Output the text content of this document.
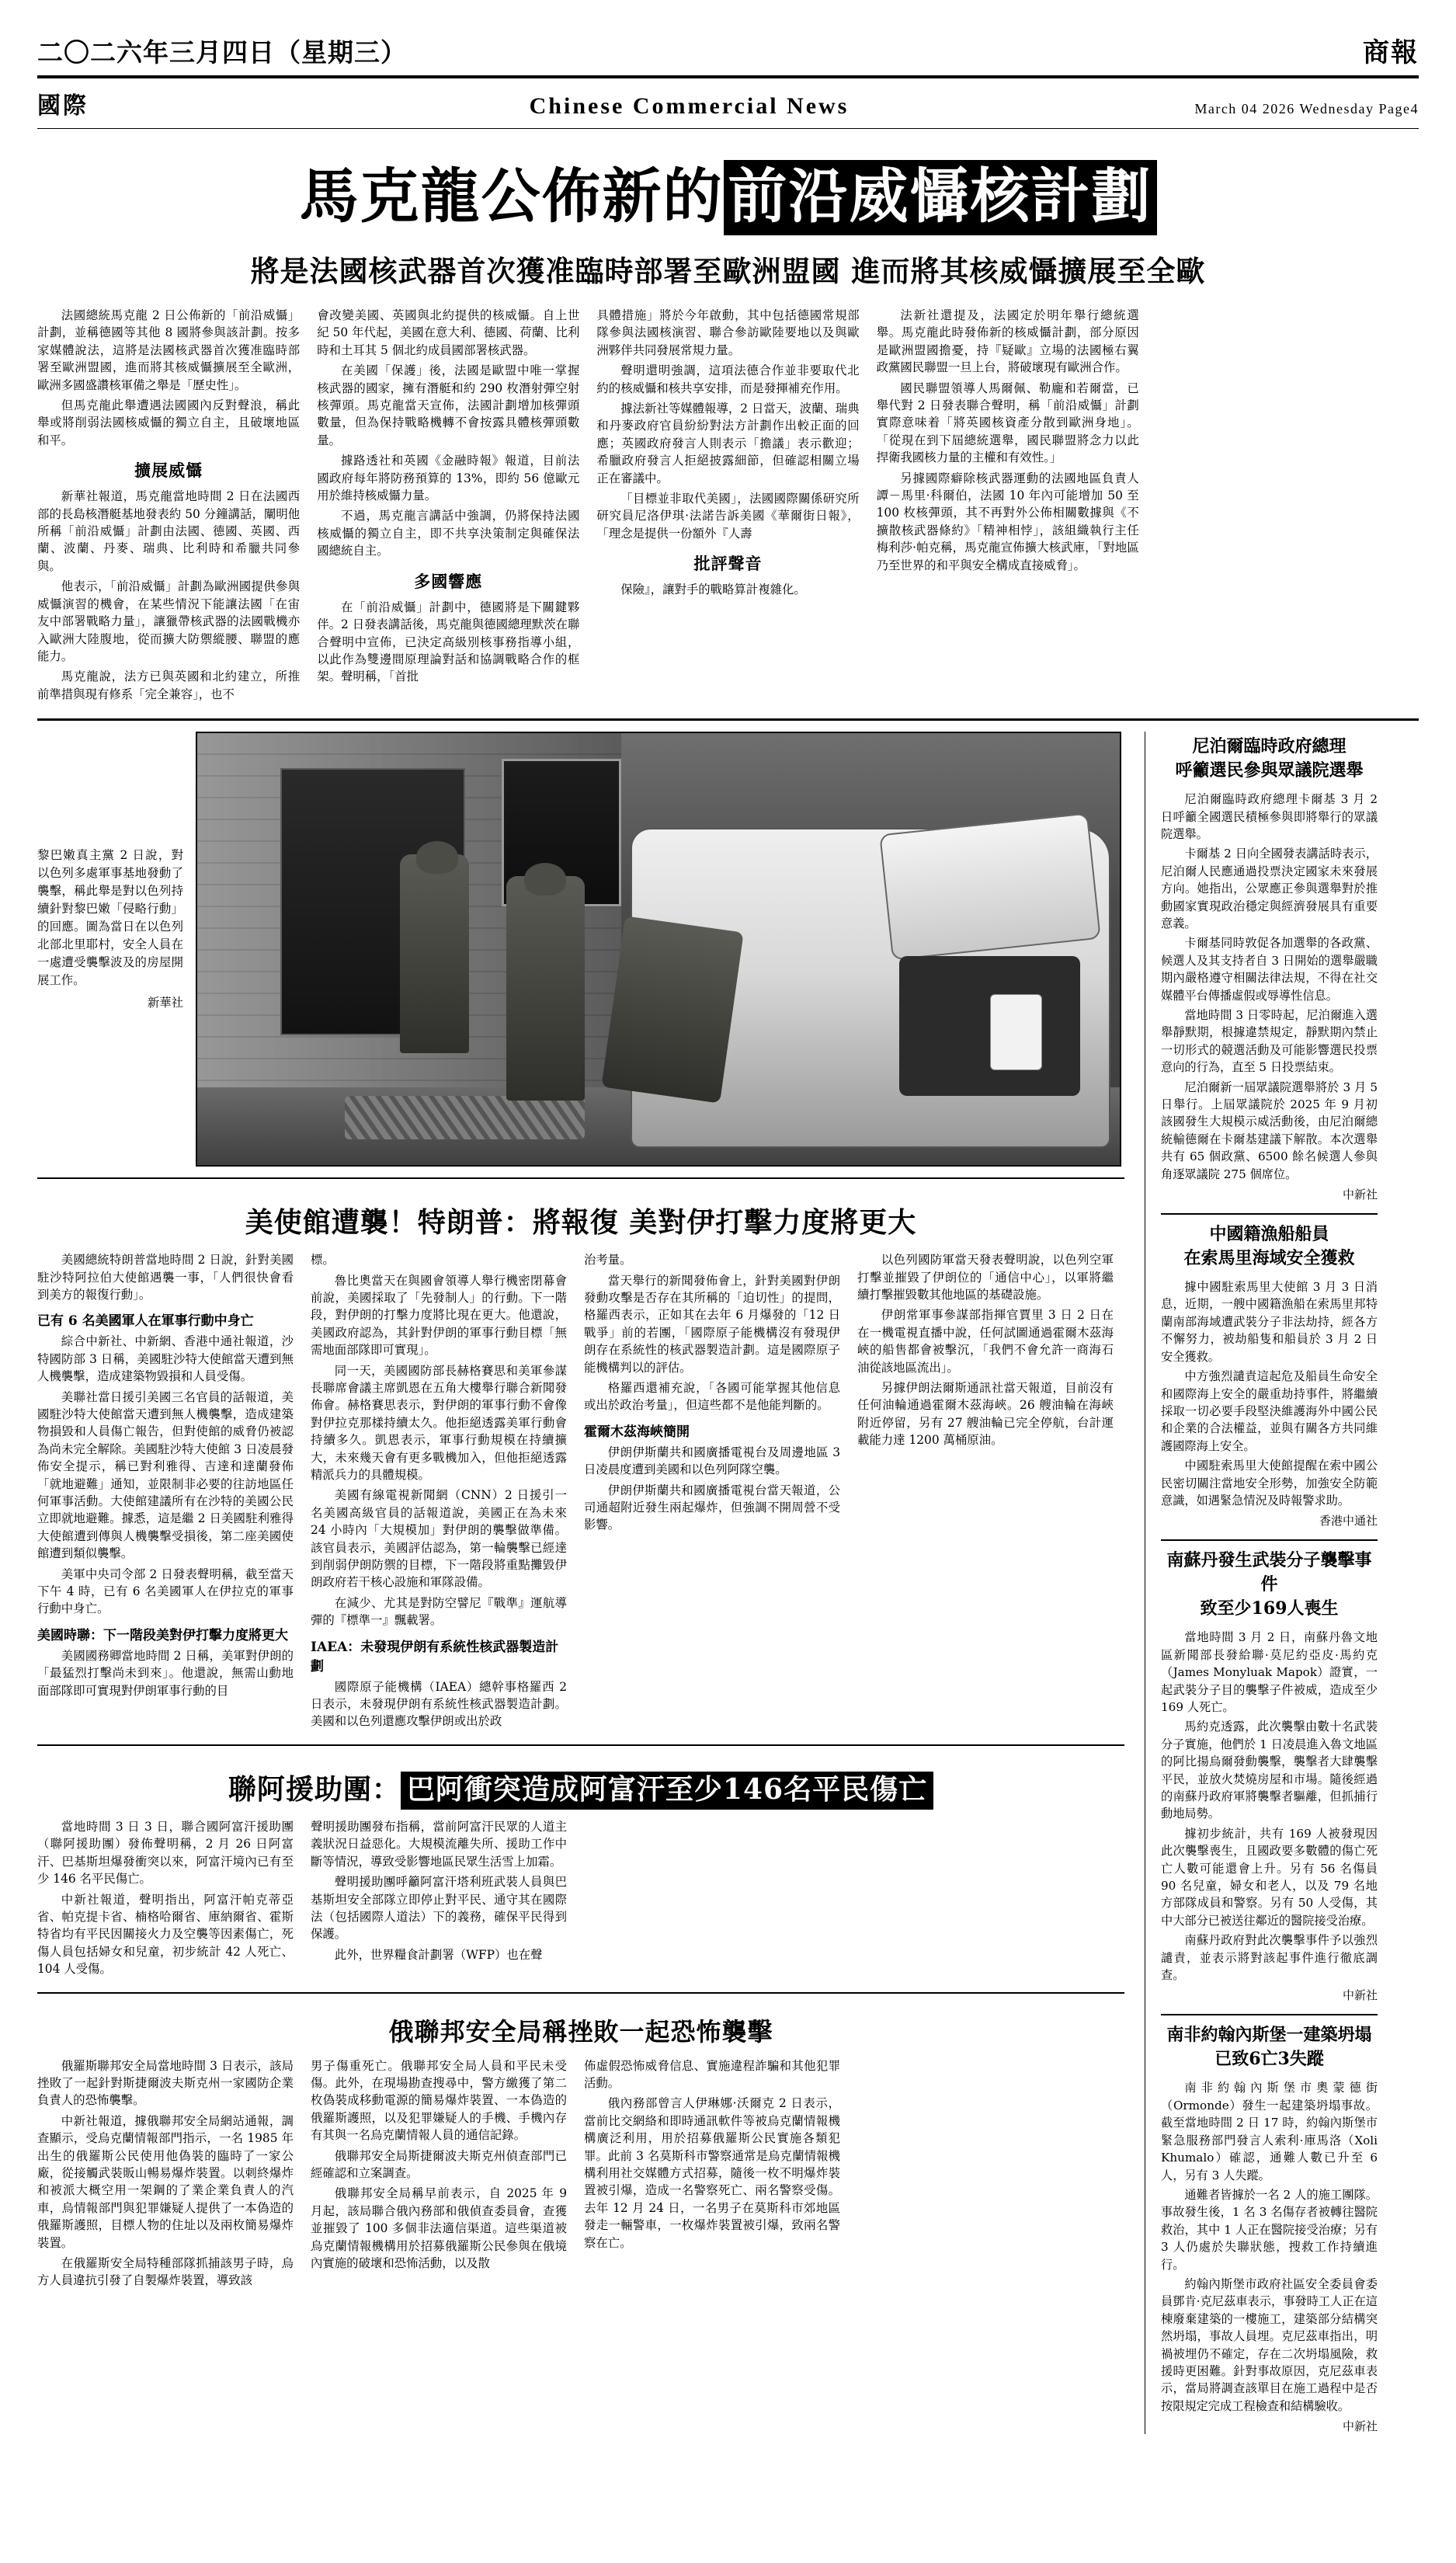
二〇二六年三月四日（星期三）	商報
國際	Chinese Commercial News	March 04 2026 Wednesday Page4
馬克龍公佈新的前沿威懾核計劃
將是法國核武器首次獲准臨時部署至歐洲盟國 進而將其核威懾擴展至全歐

法國總統馬克龍 2 日公佈新的「前沿威懾」計劃，並稱德國等其他 8 國將參與該計劃。按多家媒體說法，這將是法國核武器首次獲准臨時部署至歐洲盟國，進而將其核威懾擴展至全歐洲，歐洲多國盛讚核軍備之舉是「歷史性」。

但馬克龍此舉遭遇法國國內反對聲浪，稱此舉或將削弱法國核威懾的獨立自主，且破壞地區和平。

擴展威懾

新華社報道，馬克龍當地時間 2 日在法國西部的長島核潛艇基地發表約 50 分鐘講話，闡明他所稱「前沿威懾」計劃由法國、德國、英國、西蘭、波蘭、丹麥、瑞典、比利時和希臘共同參與。

他表示，「前沿威懾」計劃為歐洲國提供參與威懾演習的機會，在某些情況下能讓法國「在宙友中部署戰略力量」，讓獵帶核武器的法國戰機亦入歐洲大陸腹地，從而擴大防禦縱腰、聯盟的應能力。

馬克龍說，法方已與英國和北約建立，所推前準措與現有修系「完全兼容」，也不

會改變美國、英國與北約提供的核威懾。自上世紀 50 年代起，美國在意大利、德國、荷蘭、比利時和土耳其 5 個北約成員國部署核武器。

在美國「保護」後，法國是歐盟中唯一掌握核武器的國家，擁有潛艇和約 290 枚潛射彈空射核彈頭。馬克龍當天宣佈，法國計劃增加核彈頭數量，但為保持戰略機轉不會按露具體核彈頭數量。

據路透社和英國《金融時報》報道，目前法國政府每年將防務預算的 13%，即約 56 億歐元用於維持核威懾力量。

不過，馬克龍言講話中強調，仍將保持法國核威懾的獨立自主，即不共享決策制定與確保法國總統自主。

多國響應

在「前沿威懾」計劃中，德國將是下關鍵夥伴。2 日發表講話後，馬克龍與德國總理默茨在聯合聲明中宣佈，已決定高級別核事務指導小組，以此作為雙邊間原理論對話和協調戰略合作的框架。聲明稱，「首批

具體措施」將於今年啟動，其中包括德國常規部隊參與法國核演習、聯合參訪歐陸要地以及與歐洲夥伴共同發展常規力量。

聲明還明強調，這項法德合作並非要取代北約的核威懾和核共享安排，而是發揮補充作用。

據法新社等媒體報導，2 日當天，波蘭、瑞典和丹麥政府官員紛紛對法方計劃作出較正面的回應；英國政府發言人則表示「擔議」表示歡迎；希臘政府發言人拒絕披露細節，但確認相關立場正在審議中。

「目標並非取代美國」，法國國際關係研究所研究員尼洛伊琪·法諾告訴美國《華爾街日報》，「理念是提供一份額外『人壽

批評聲音

保險』，讓對手的戰略算計複雜化。

法新社還提及，法國定於明年舉行總統選舉。馬克龍此時發佈新的核威懾計劃，部分原因是歐洲盟國擔憂，持『疑歐』立場的法國極右翼政黨國民聯盟一旦上台，將破壞現有歐洲合作。

國民聯盟領導人馬爾佩、勒龐和若爾當，已舉代對 2 日發表聯合聲明，稱「前沿威懾」計劃實際意味着「將英國核資產分散到歐洲身地」。「從現在到下屆總統選舉，國民聯盟將念力以此捍衛我國核力量的主權和有效性。」

另據國際癖除核武器運動的法國地區負責人譚－馬里·科爾伯，法國 10 年內可能增加 50 至 100 枚核彈頭，其不再對外公佈相關數據與《不擴散核武器條約》「精神相悖」，該組織執行主任梅利莎·帕克稱，馬克龍宣佈擴大核武庫，「對地區乃至世界的和平與安全構成直接威脅」。

黎巴嫩真主黨 2 日說，對以色列多處軍事基地發動了襲擊，稱此舉是對以色列持續針對黎巴嫩「侵略行動」的回應。圖為當日在以色列北部北里耶村，安全人員在一處遭受襲擊波及的房屋開展工作。
新華社
美使館遭襲！特朗普：將報復 美對伊打擊力度將更大

美國總統特朗普當地時間 2 日說，針對美國駐沙特阿拉伯大使館遇襲一事，「人們很快會看到美方的報復行動」。

已有 6 名美國軍人在軍事行動中身亡

綜合中新社、中新網、香港中通社報道，沙特國防部 3 日稱，美國駐沙特大使館當天遭到無人機襲擊，造成建築物毀損和人員受傷。

美聯社當日援引美國三名官員的話報道，美國駐沙特大使館當天遭到無人機襲擊，造成建築物損毀和人員傷亡報告，但對使館的威脅仍被認為尚未完全解除。美國駐沙特大使館 3 日凌晨發佈安全提示，稱已對利雅得、吉達和達蘭發佈「就地避難」通知，並限制非必要的往訪地區任何軍事活動。大使館建議所有在沙特的美國公民立即就地避難。據悉，這是繼 2 日美國駐利雅得大使館遭到傳與人機襲擊受損後，第二座美國使館遭到類似襲擊。

美軍中央司令部 2 日發表聲明稱，截至當天下午 4 時，已有 6 名美國軍人在伊拉克的軍事行動中身亡。

美國時聯：下一階段美對伊打擊力度將更大

美國國務卿當地時間 2 日稱，美軍對伊朗的「最猛烈打擊尚未到來」。他還說，無需山動地面部隊即可實現對伊朗軍事行動的目

標。

魯比奧當天在與國會領導人舉行機密閉幕會前說，美國採取了「先發制人」的行動。下一階段，對伊朗的打擊力度將比現在更大。他還說，美國政府認為，其針對伊朗的軍事行動目標「無需地面部隊即可實現」。

同一天，美國國防部長赫格賽思和美軍參謀長聯席會議主席凱恩在五角大樓舉行聯合新聞發佈會。赫格賽思表示，對伊朗的軍事行動不會像對伊拉克那樣持續太久。他拒絕透露美軍行動會持續多久。凱恩表示，軍事行動規模在持續擴大，未來幾天會有更多戰機加入，但他拒絕透露精派兵力的具體規模。

美國有線電視新聞網（CNN）2 日援引一名美國高級官員的話報道說，美國正在為未來 24 小時內「大規模加」對伊朗的襲擊做準備。該官員表示，美國評估認為，第一輪襲擊已經達到削弱伊朗防禦的目標，下一階段將重點攤毀伊朗政府若干核心設施和軍隊設備。

在減少、尤其是對防空譬尼『戰準』運航導彈的『標準一』飄載署。

IAEA：未發現伊朗有系統性核武器製造計劃

國際原子能機構（IAEA）總幹事格羅西 2 日表示，未發現伊朗有系統性核武器製造計劃。美國和以色列還應攻擊伊朗或出於政

治考量。

當天舉行的新聞發佈會上，針對美國對伊朗發動攻擊是否存在其所稱的「迫切性」的提問，格羅西表示，正如其在去年 6 月爆發的「12 日戰爭」前的若團，「國際原子能機構沒有發現伊朗存在系統性的核武器製造計劃。這是國際原子能機構判以的評估。

格羅西還補充說，「各國可能掌握其他信息或出於政治考量」，但這些都不是他能判斷的。

霍爾木茲海峽簡開

伊朗伊斯蘭共和國廣播電視台及周邊地區 3 日凌晨度遭到美國和以色列阿隊空襲。

伊朗伊斯蘭共和國廣播電視台當天報道，公司通超附近發生兩起爆炸，但強調不開周營不受影響。

以色列國防軍當天發表聲明說，以色列空軍打擊並摧毀了伊朗位的「通信中心」，以軍將繼續打擊摧毀數其他地區的基礎設施。

伊朗常軍事參謀部指揮官賈里 3 日 2 日在在一機電視直播中說，任何試圖通過霍爾木茲海峽的船售都會被擊沉，「我們不會允許一商海石油從該地區流出」。

另據伊朗法爾斯通訊社當天報道，目前沒有任何油輪通過霍爾木茲海峽。26 艘油輪在海峽附近停留，另有 27 艘油輪已完全停航，台計運載能力達 1200 萬桶原油。

聯阿援助團： 巴阿衝突造成阿富汗至少146名平民傷亡

當地時間 3 日 3 日，聯合國阿富汗援助團（聯阿援助團）發佈聲明稱，2 月 26 日阿富汗、巴基斯坦爆發衝突以來，阿富汗境內已有至少 146 名平民傷亡。

中新社報道，聲明指出，阿富汗帕克蒂亞省、帕克提卡省、楠格哈爾省、庫納爾省、霍斯特省均有平民因關接火力及空襲等因素傷亡，死傷人員包括婦女和兒童，初步統計 42 人死亡、104 人受傷。

聲明援助團發布指稱，當前阿富汗民眾的人道主義狀況日益惡化。大規模流離失所、援助工作中斷等情況，導致受影響地區民眾生活雪上加霜。

聲明援助團呼籲阿富汗塔利班武裝人員與巴基斯坦安全部隊立即停止對平民、通守其在國際法（包括國際人道法）下的義務，確保平民得到保護。

此外，世界糧食計劃署（WFP）也在聲

俄聯邦安全局稱挫敗一起恐怖襲擊

俄羅斯聯邦安全局當地時間 3 日表示，該局挫敗了一起針對斯捷爾波夫斯克州一家國防企業負責人的恐怖襲擊。

中新社報道，據俄聯邦安全局網站通報，調查顯示，受烏克蘭情報部門指示，一名 1985 年出生的俄羅斯公民使用他偽裝的臨時了一家公廠，從接觸武裝販山暢易爆炸裝置。以刺終爆炸和被派大概空用一架鋼的了業企業負責人的汽車，烏情報部門與犯罪嫌疑人提供了一本偽造的俄羅斯護照，目標人物的住址以及兩枚簡易爆炸裝置。

在俄羅斯安全局特種部隊抓捕該男子時，烏方人員違抗引發了自製爆炸裝置，導致該

男子傷重死亡。俄聯邦安全局人員和平民未受傷。此外，在現場勘查搜尋中，警方繳獲了第二枚偽裝成移動電源的簡易爆炸裝置、一本偽造的俄羅斯護照，以及犯罪嫌疑人的手機、手機內存有其與一名烏克蘭情報人員的通信記錄。

俄聯邦安全局斯捷爾波夫斯克州偵查部門已經確認和立案調查。

俄聯邦安全局稱早前表示，自 2025 年 9 月起，該局聯合俄內務部和俄偵查委員會，查獲並摧毀了 100 多個非法適信渠道。這些渠道被烏克蘭情報機構用於招募俄羅斯公民參與在俄境內實施的破壞和恐怖活動，以及散

佈虛假恐怖威脅信息、實施違程詐騙和其他犯罪活動。

俄內務部曾言人伊琳娜·沃爾克 2 日表示，當前比交網絡和即時通訊軟件等被烏克蘭情報機構廣泛利用，用於招募俄羅斯公民實施各類犯罪。此前 3 名莫斯科市警察通常是烏克蘭情報機構利用社交媒體方式招募，隨後一枚不明爆炸裝置被引爆，造成一名警察死亡、兩名警察受傷。去年 12 月 24 日，一名男子在莫斯科市郊地區發走一輛警車，一枚爆炸裝置被引爆，致兩名警察在亡。

尼泊爾臨時政府總理
呼籲選民參與眾議院選舉

尼泊爾臨時政府總理卡爾基 3 月 2 日呼籲全國選民積極參與即將舉行的眾議院選舉。

卡爾基 2 日向全國發表講話時表示，尼泊爾人民應通過投票決定國家未來發展方向。她指出，公眾應正參與選舉對於推動國家實現政治穩定與經濟發展具有重要意義。

卡爾基同時敦促各加選舉的各政黨、候選人及其支持者自 3 日開始的選舉嚴職期內嚴格遵守相關法律法規，不得在社交媒體平台傳播虛假或辱導性信息。

當地時間 3 日零時起，尼泊爾進入選舉靜默期，根據違禁規定，靜默期內禁止一切形式的競選活動及可能影響選民投票意向的行為，直至 5 日投票結束。

尼泊爾新一屆眾議院選舉將於 3 月 5 日舉行。上屆眾議院於 2025 年 9 月初該國發生大規模示威活動後，由尼泊爾總統輸德爾在卡爾基建議下解散。本次選舉共有 65 個政黨、6500 餘名候選人參與角逐眾議院 275 個席位。

中新社
中國籍漁船船員
在索馬里海域安全獲救

據中國駐索馬里大使館 3 月 3 日消息，近期，一艘中國籍漁船在索馬里邦特蘭南部海域遭武裝分子非法劫持，經各方不懈努力，被劫船隻和船員於 3 月 2 日安全獲救。

中方強烈譴責這起危及船員生命安全和國際海上安全的嚴重劫持事件，將繼續採取一切必要手段堅決維護海外中國公民和企業的合法權益，並與有關各方共同維護國際海上安全。

中國駐索馬里大使館提醒在索中國公民密切關注當地安全形勢，加強安全防範意識，如遇緊急情況及時報警求助。

香港中通社
南蘇丹發生武裝分子襲擊事件
致至少169人喪生

當地時間 3 月 2 日，南蘇丹魯文地區新聞部長發給聯·莫尼約亞皮·馬約克（James Monyluak Mapok）證實，一起武裝分子目的襲擊子件被威，造成至少 169 人死亡。

馬約克透露，此次襲擊由數十名武裝分子實施，他們於 1 日凌晨進入魯文地區的阿比揚烏爾發動襲擊，襲擊者大肆襲擊平民，並放火焚燒房屋和市場。隨後經過的南蘇丹政府軍將襲擊者驅離，但抓捕行動地局勢。

據初步統計，共有 169 人被發現因此次襲擊喪生，且國政要多數體的傷亡死亡人數可能還會上升。另有 56 名傷員 90 名兒童，婦女和老人，以及 79 名地方部隊成員和警察。另有 50 人受傷，其中大部分已被送往鄰近的醫院接受治療。

南蘇丹政府對此次襲擊事件予以強烈譴責，並表示將對該起事件進行徹底調查。

中新社
南非約翰內斯堡一建築坍塌
已致6亡3失蹤

南非約翰內斯堡市奧蒙德街（Ormonde）發生一起建築坍塌事故。截至當地時間 2 日 17 時，約翰內斯堡市緊急服務部門發言人索利·庫馬洛（Xoli Khumalo）確認，通難人數已升至 6 人，另有 3 人失蹤。

通難者皆據於一名 2 人的施工團隊。事故發生後，1 名 3 名傷存者被轉往醫院救治，其中 1 人正在醫院接受治療；另有 3 人仍處於失聯狀態，搜救工作持續進行。

約翰內斯堡市政府社區安全委員會委員鄧肯·克尼茲車表示，事發時工人正在這棟廢棄建築的一樓施工，建築部分結構突然坍塌，事故人員埋。克尼茲車指出，明禍被埋仍不確定，存在二次坍塌風險，救援時更困難。針對事故原因，克尼茲車表示，當局將調查該單目在施工過程中是否按限規定完成工程檢查和結構驗收。

中新社
